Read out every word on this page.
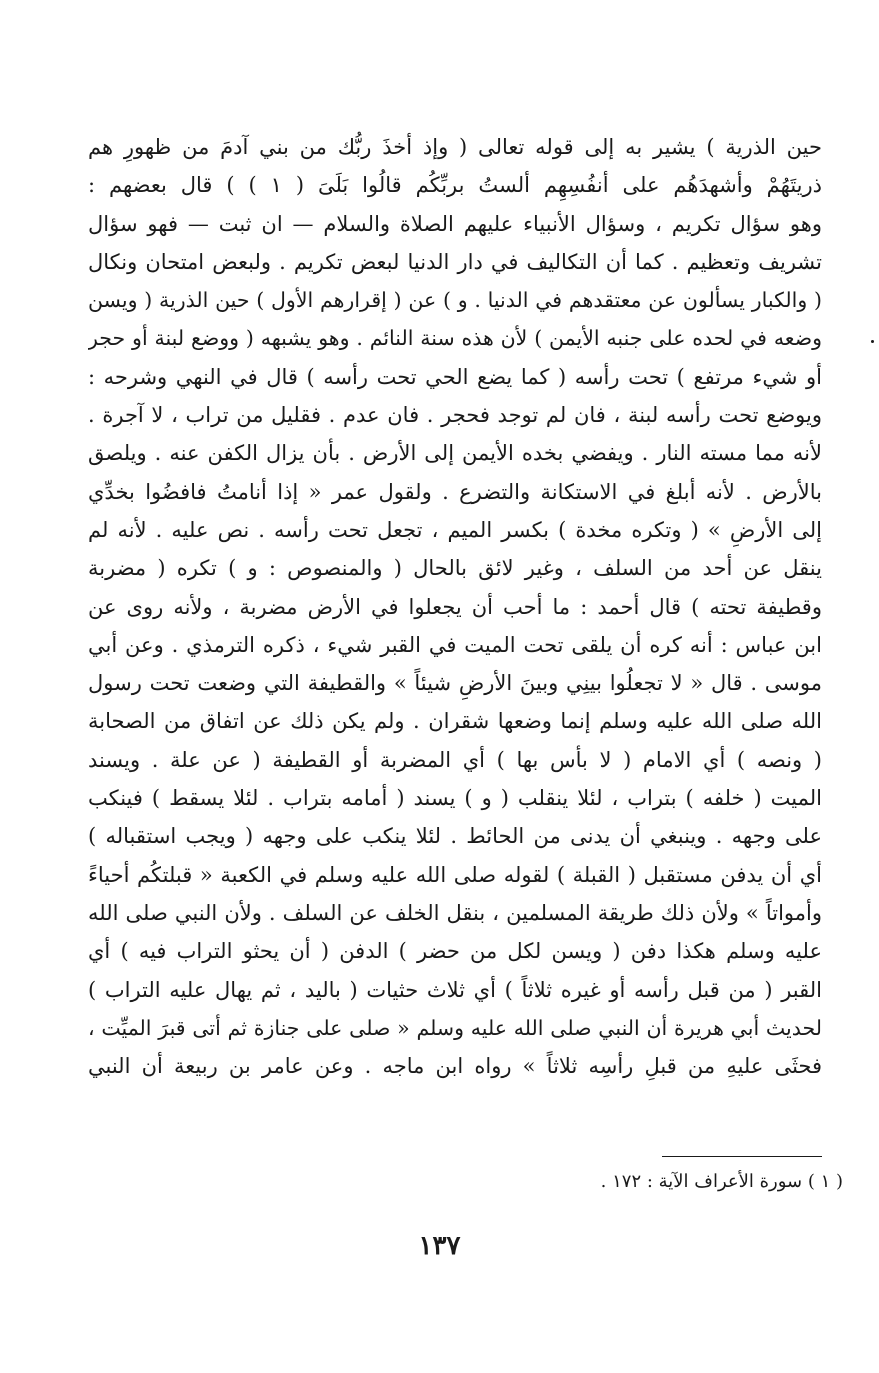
حين الذرية ) يشير به إلى قوله تعالى ( وإذ أخذَ ربُّك من بني آدمَ من ظهورِ هم
ذريتَهُمْ وأشهدَهُم على أنفُسِهِم ألستُ بربِّكُم قالُوا بَلَىَ ( ١ ) ) قال بعضهم :
وهو سؤال تكريم ، وسؤال الأنبياء عليهم الصلاة والسلام — ان ثبت — فهو سؤال
تشريف وتعظيم . كما أن التكاليف في دار الدنيا لبعض تكريم . ولبعض امتحان ونكال
( والكبار يسألون عن معتقدهم في الدنيا . و ) عن ( إقرارهم الأول ) حين الذرية ( ويسن
وضعه في لحده على جنبه الأيمن ) لأن هذه سنة النائم . وهو يشبهه ( ووضع لبنة أو حجر
أو شيء مرتفع ) تحت رأسه ( كما يضع الحي تحت رأسه ) قال في النهي وشرحه :
ويوضع تحت رأسه لبنة ، فان لم توجد فحجر . فان عدم . فقليل من تراب ، لا آجرة .
لأنه مما مسته النار . ويفضي بخده الأيمن إلى الأرض . بأن يزال الكفن عنه . ويلصق
بالأرض . لأنه أبلغ في الاستكانة والتضرع . ولقول عمر « إذا أنامتُ فافضُوا بخدِّي
إلى الأرضِ » ( وتكره مخدة ) بكسر الميم ، تجعل تحت رأسه . نص عليه . لأنه لم
ينقل عن أحد من السلف ، وغير لائق بالحال ( والمنصوص : و ) تكره ( مضربة
وقطيفة تحته ) قال أحمد : ما أحب أن يجعلوا في الأرض مضربة ، ولأنه روى عن
ابن عباس : أنه كره أن يلقى تحت الميت في القبر شيء ، ذكره الترمذي . وعن أبي
موسى . قال « لا تجعلُوا بينِي وبينَ الأرضِ شيئاً » والقطيفة التي وضعت تحت رسول
الله صلى الله عليه وسلم إنما وضعها شقران . ولم يكن ذلك عن اتفاق من الصحابة
( ونصه ) أي الامام ( لا بأس بها ) أي المضربة أو القطيفة ( عن علة . ويسند
الميت ( خلفه ) بتراب ، لئلا ينقلب ( و ) يسند ( أمامه بتراب . لئلا يسقط ) فينكب
على وجهه . وينبغي أن يدنى من الحائط . لئلا ينكب على وجهه ( ويجب استقباله )
أي أن يدفن مستقبل ( القبلة ) لقوله صلى الله عليه وسلم في الكعبة « قبلتكُم أحياءً
وأمواتاً » ولأن ذلك طريقة المسلمين ، بنقل الخلف عن السلف . ولأن النبي صلى الله
عليه وسلم هكذا دفن ( ويسن لكل من حضر ) الدفن ( أن يحثو التراب فيه ) أي
القبر ( من قبل رأسه أو غيره ثلاثاً ) أي ثلاث حثيات ( باليد ، ثم يهال عليه التراب )
لحديث أبي هريرة أن النبي صلى الله عليه وسلم « صلى على جنازة ثم أتى قبرَ الميِّت ،
فحثَى عليهِ من قبلِ رأسِه ثلاثاً » رواه ابن ماجه . وعن عامر بن ربيعة أن النبي
( ١ ) سورة الأعراف الآية : ١٧٢ .
١٣٧
